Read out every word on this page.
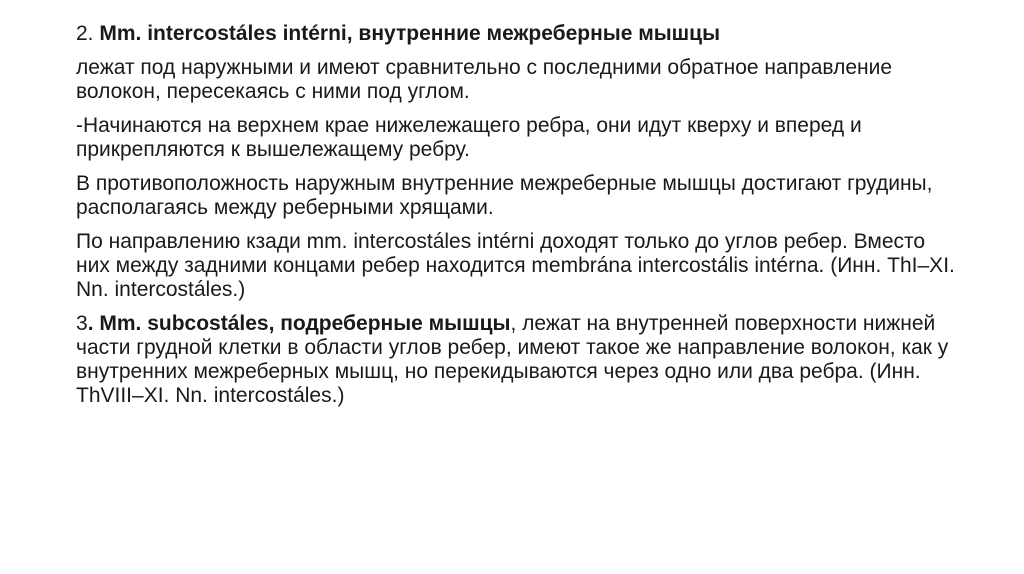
2. Mm. intercostáles intérni, внутренние межреберные мышцы

лежат под наружными и имеют сравнительно с последними обратное направление волокон, пересекаясь с ними под углом.

-Начинаются на верхнем крае нижележащего ребра, они идут кверху и вперед и прикрепляются к вышележащему ребру.

В противоположность наружным внутренние межреберные мышцы достигают грудины, располагаясь между реберными хрящами.

По направлению кзади mm. intercostáles intérni доходят только до углов ребер. Вместо них между задними концами ребер находится membrána intercostális intérna. (Инн. ThI–XI. Nn. intercostáles.)

3. Mm. subcostáles, подреберные мышцы, лежат на внутренней поверхности нижней части грудной клетки в области углов ребер, имеют такое же направление волокон, как у внутренних межреберных мышц, но перекидываются через одно или два ребра. (Инн. ThVIII–XI. Nn. intercostáles.)
